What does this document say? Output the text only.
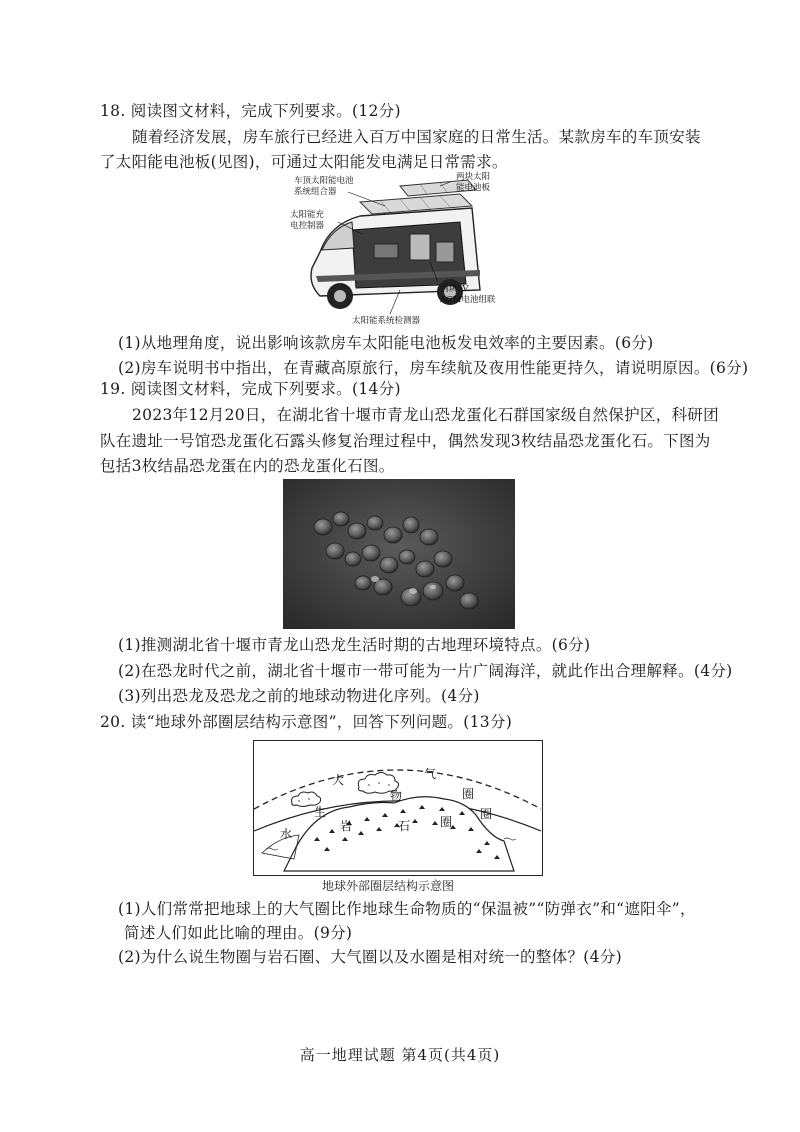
18. 阅读图文材料，完成下列要求。(12分)
随着经济发展，房车旅行已经进入百万中国家庭的日常生活。某款房车的车顶安装
了太阳能电池板(见图)，可通过太阳能发电满足日常需求。
车顶太阳能电池
系统组合器
太阳能充
电控制器
两块太阳
能电池板
两块5V
ACM电池组联
太阳能系统检测器
(1)从地理角度，说出影响该款房车太阳能电池板发电效率的主要因素。(6分)
(2)房车说明书中指出，在青藏高原旅行，房车续航及夜用性能更持久，请说明原因。(6分)
19. 阅读图文材料，完成下列要求。(14分)
2023年12月20日，在湖北省十堰市青龙山恐龙蛋化石群国家级自然保护区，科研团
队在遗址一号馆恐龙蛋化石露头修复治理过程中，偶然发现3枚结晶恐龙蛋化石。下图为
包括3枚结晶恐龙蛋在内的恐龙蛋化石图。
(1)推测湖北省十堰市青龙山恐龙生活时期的古地理环境特点。(6分)
(2)在恐龙时代之前，湖北省十堰市一带可能为一片广阔海洋，就此作出合理解释。(4分)
(3)列出恐龙及恐龙之前的地球动物进化序列。(4分)
20. 读“地球外部圈层结构示意图”，回答下列问题。(13分)
大	气
圈
物
生
水
岩	石 圈
圈
地球外部圈层结构示意图
(1)人们常常把地球上的大气圈比作地球生命物质的“保温被”“防弹衣”和“遮阳伞”，
简述人们如此比喻的理由。(9分)
(2)为什么说生物圈与岩石圈、大气圈以及水圈是相对统一的整体？(4分)
高一地理试题 第4页(共4页)
